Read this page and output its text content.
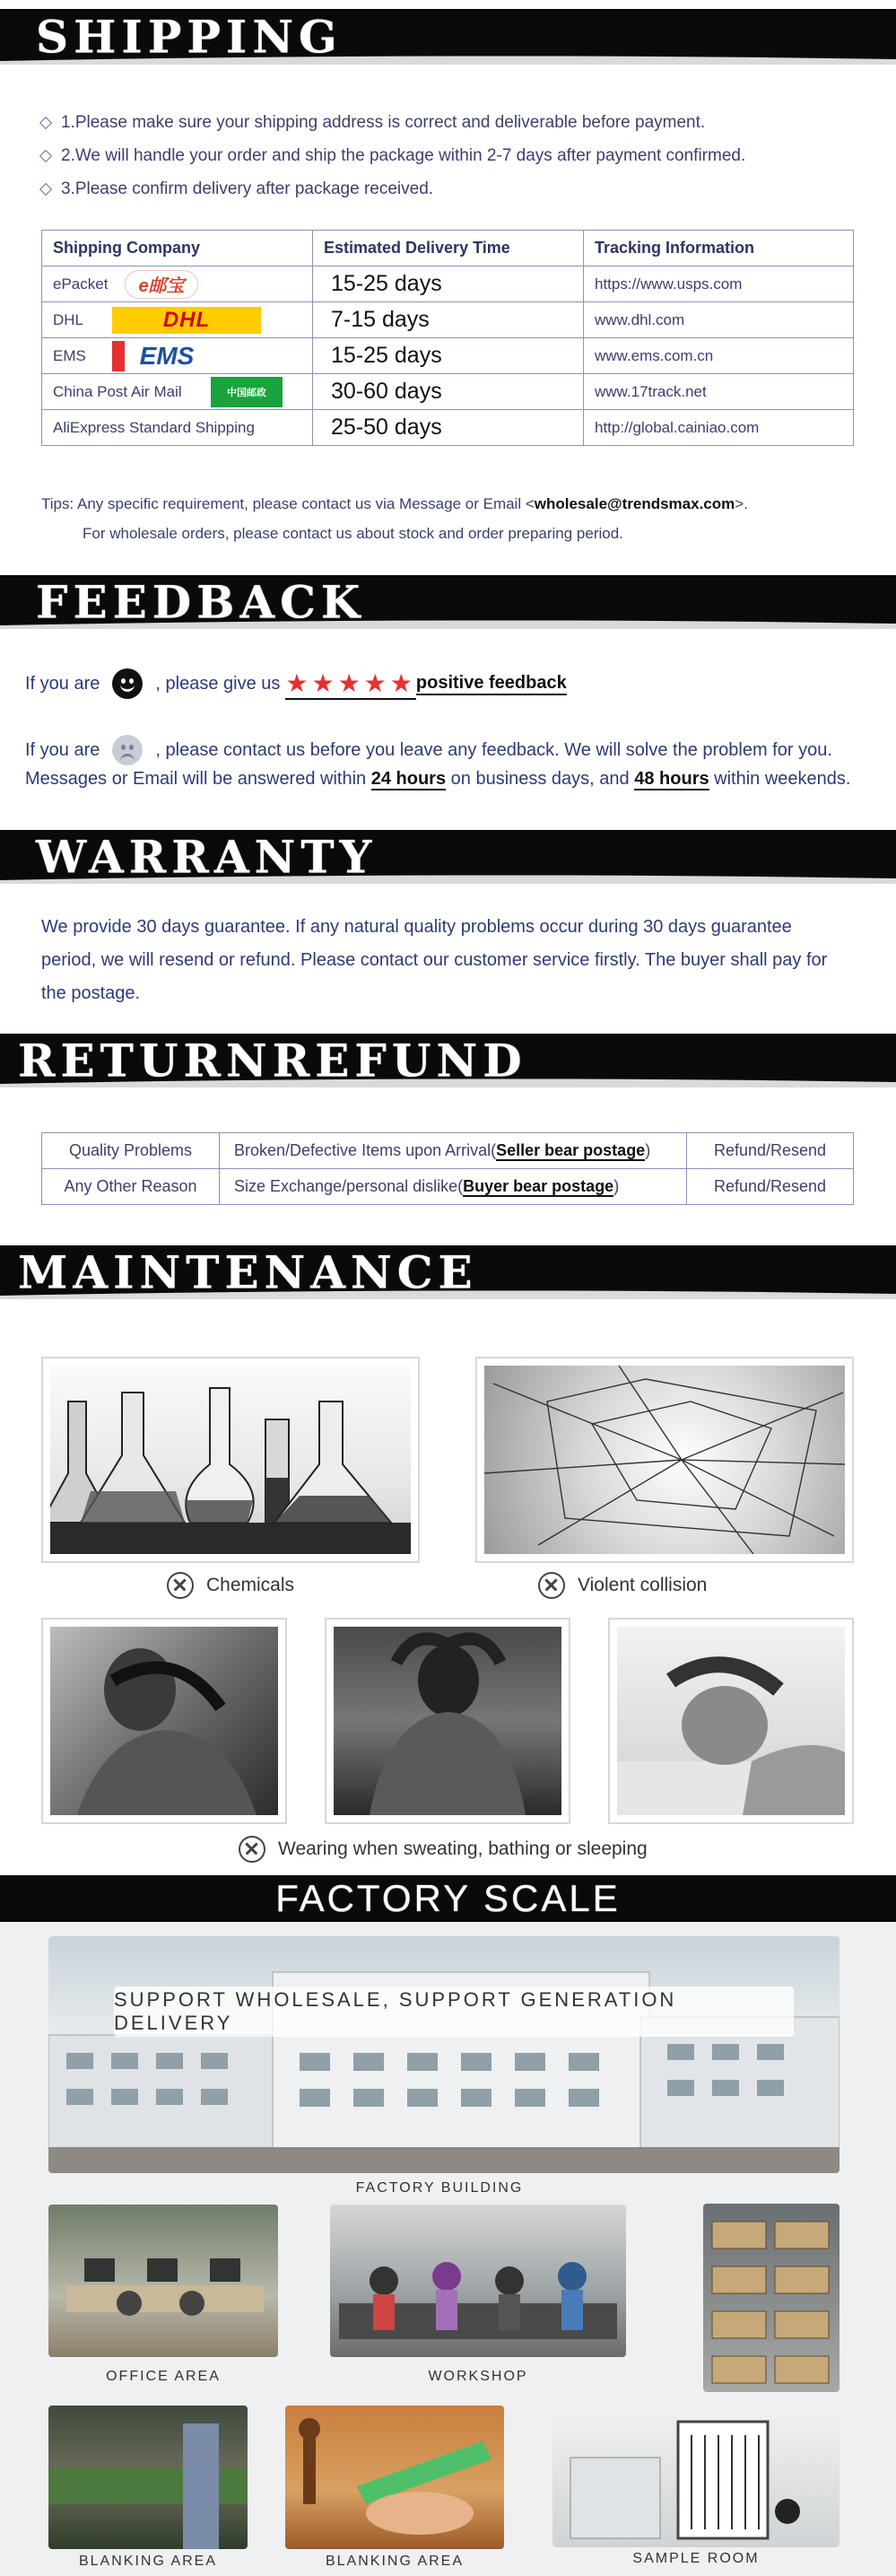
SHIPPING
1.Please make sure your shipping address is correct and deliverable before payment.
2.We will handle your order and ship the package within 2-7 days after payment confirmed.
3.Please confirm delivery after package received.
Shipping Company	Estimated Delivery Time	Tracking Information
ePacket e邮宝	15-25 days	https://www.usps.com
DHL DHL	7-15 days	www.dhl.com
EMS EMS	15-25 days	www.ems.com.cn
China Post Air Mail 中国邮政	30-60 days	www.17track.net
AliExpress Standard Shipping	25-50 days	http://global.cainiao.com
Tips: Any specific requirement, please contact us via Message or Email <wholesale@trendsmax.com>.
For wholesale orders, please contact us about stock and order preparing period.
FEEDBACK
If you are	, please give us ★★★★★ positive feedback
If you are	, please contact us before you leave any feedback. We will solve the problem for you.
Messages or Email will be answered within 24 hours on business days, and 48 hours within weekends.
WARRANTY
We provide 30 days guarantee. If any natural quality problems occur during 30 days guarantee period, we will resend or refund. Please contact our customer service firstly. The buyer shall pay for the postage.
RETURNREFUND
Quality Problems	Broken/Defective Items upon Arrival(Seller bear postage)	Refund/Resend
Any Other Reason	Size Exchange/personal dislike(Buyer bear postage)	Refund/Resend
MAINTENANCE
Chemicals	Violent collision
Wearing when sweating, bathing or sleeping
FACTORY SCALE
SUPPORT WHOLESALE, SUPPORT GENERATION DELIVERY
FACTORY BUILDING
OFFICE AREA	WORKSHOP
BLANKING AREA	BLANKING AREA	SAMPLE ROOM
